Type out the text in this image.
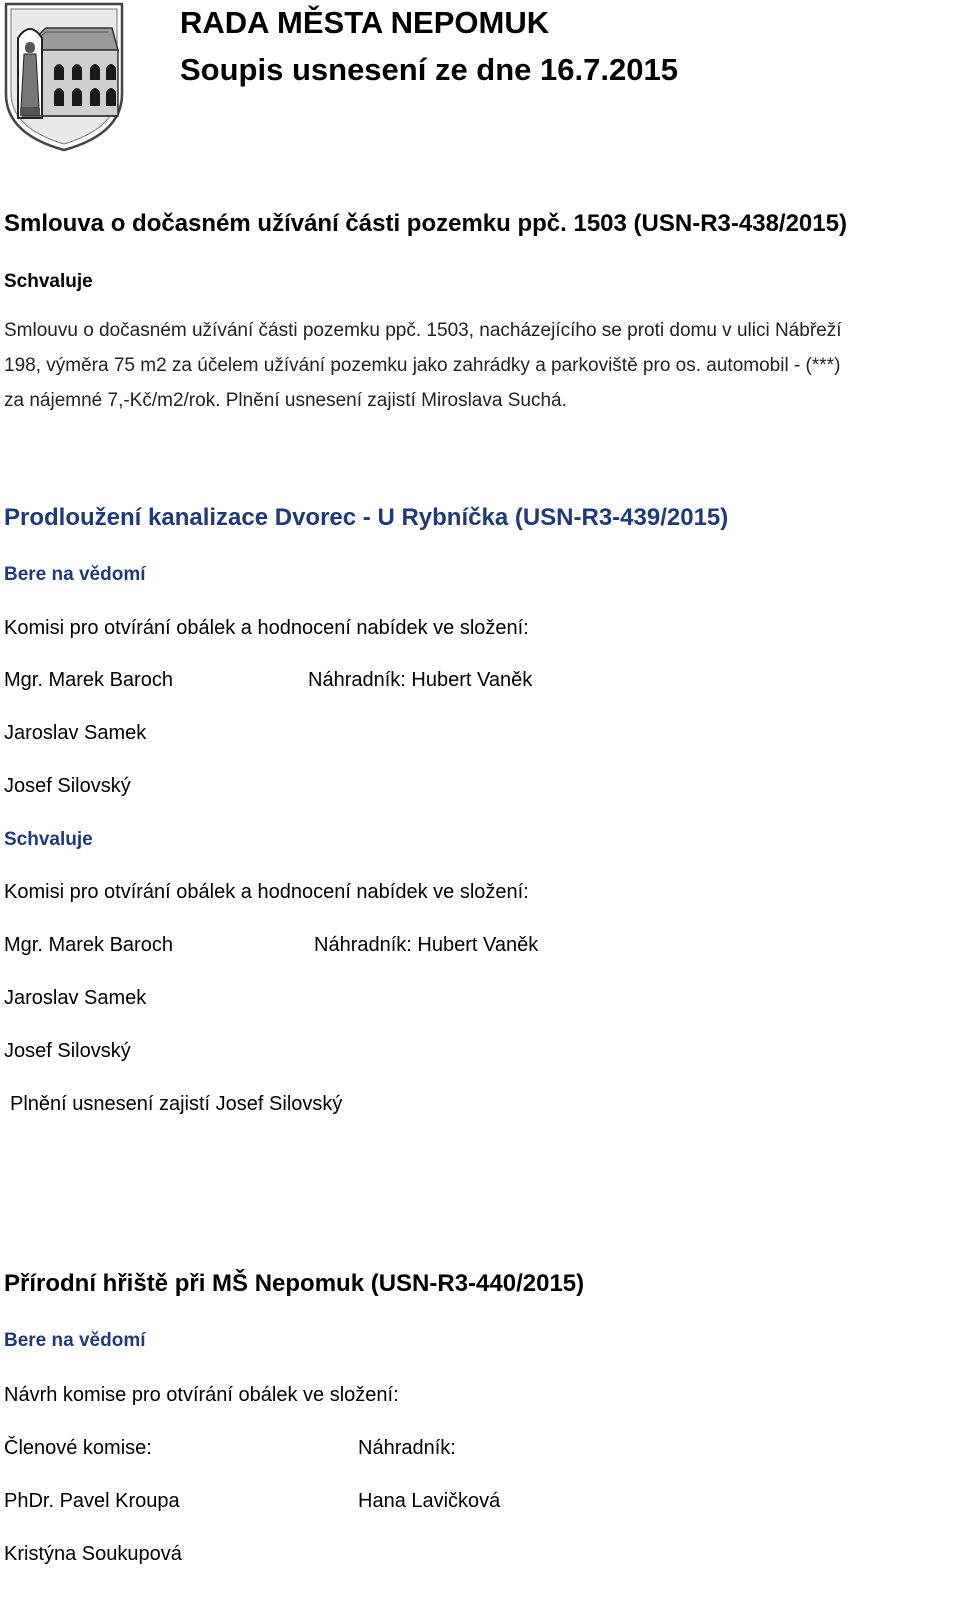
RADA MĚSTA NEPOMUK
Soupis usnesení ze dne 16.7.2015
Smlouva o dočasném užívání části pozemku ppč. 1503 (USN-R3-438/2015)
Schvaluje
Smlouvu o dočasném užívání části pozemku ppč. 1503, nacházejícího se proti domu v ulici Nábřeží
198, výměra 75 m2 za účelem užívání pozemku jako zahrádky a parkoviště pro os. automobil - (***)
za nájemné 7,-Kč/m2/rok. Plnění usnesení zajistí Miroslava Suchá.
Prodloužení kanalizace Dvorec - U Rybníčka (USN-R3-439/2015)
Bere na vědomí
Komisi pro otvírání obálek a hodnocení nabídek ve složení:
Mgr. Marek Baroch	Náhradník: Hubert Vaněk
Jaroslav Samek
Josef Silovský
Schvaluje
Komisi pro otvírání obálek a hodnocení nabídek ve složení:
Mgr. Marek Baroch	Náhradník: Hubert Vaněk
Jaroslav Samek
Josef Silovský
Plnění usnesení zajistí Josef Silovský
Přírodní hřiště při MŠ Nepomuk (USN-R3-440/2015)
Bere na vědomí
Návrh komise pro otvírání obálek ve složení:
Členové komise:	Náhradník:
PhDr. Pavel Kroupa	Hana Lavičková
Kristýna Soukupová
